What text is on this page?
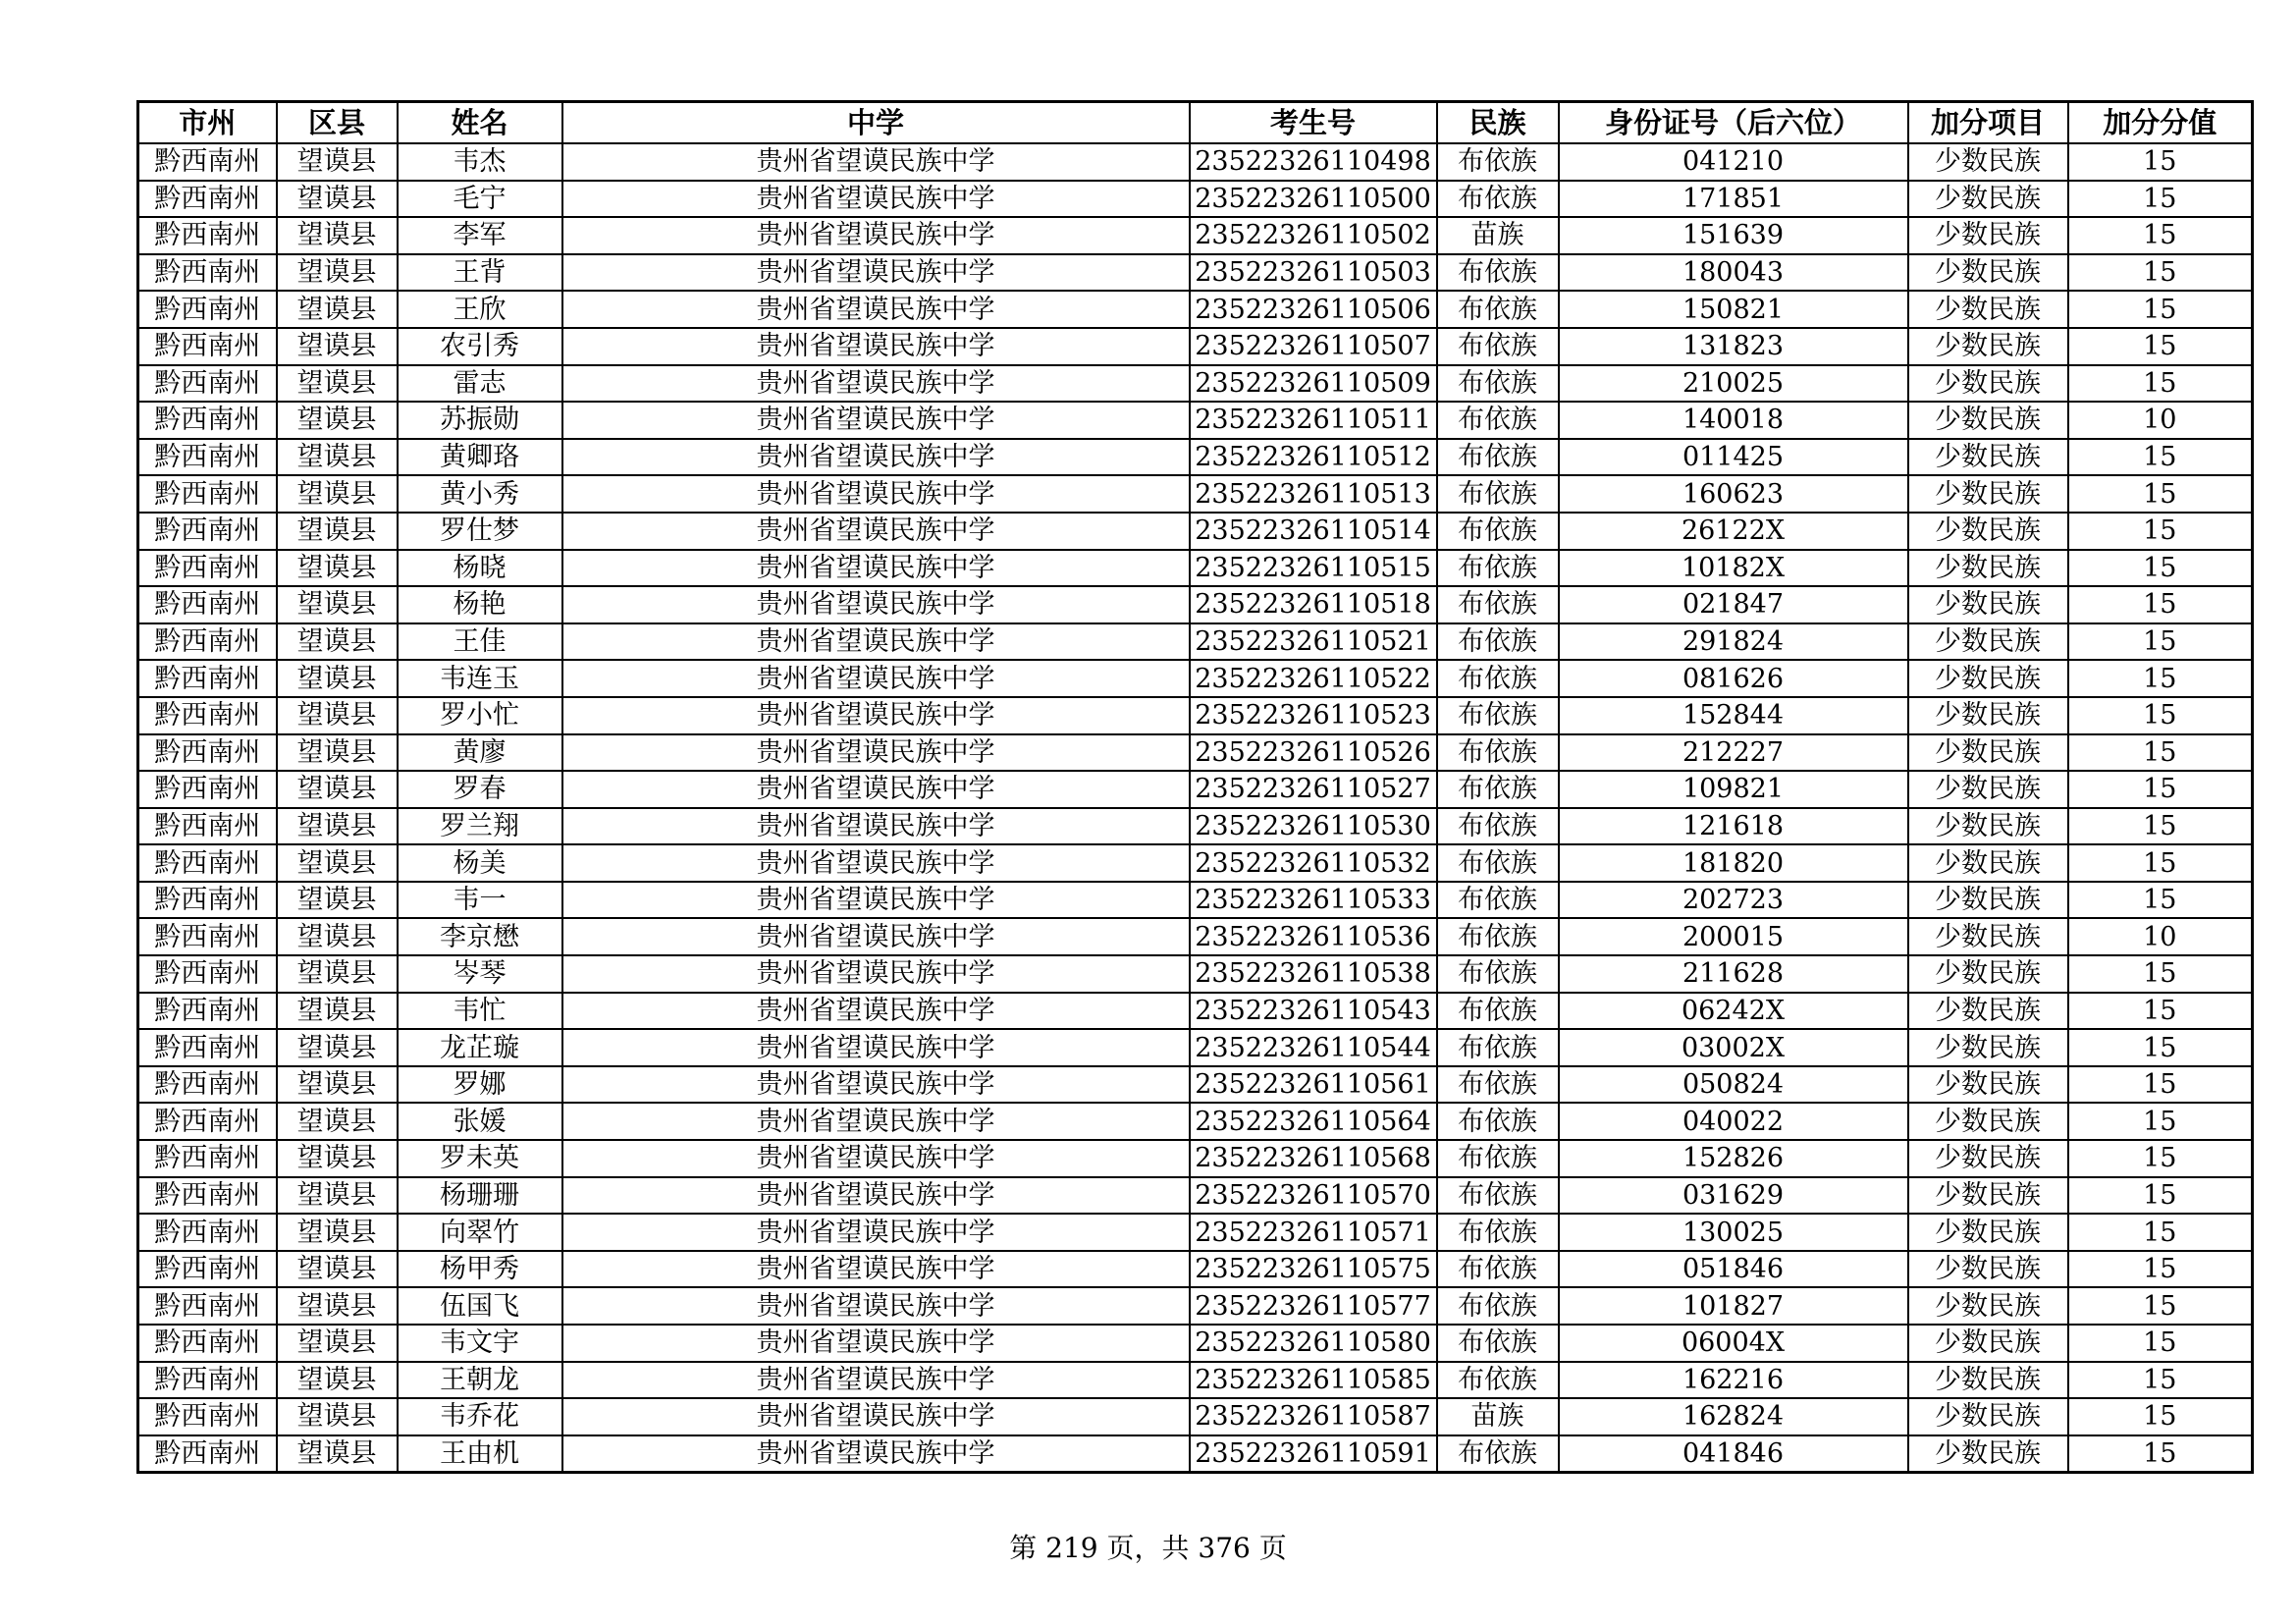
市州	区县	姓名	中学	考生号	民族	身份证号（后六位）	加分项目	加分分值
黔西南州	望谟县	韦杰	贵州省望谟民族中学	23522326110498	布依族	041210	少数民族	15
黔西南州	望谟县	毛宁	贵州省望谟民族中学	23522326110500	布依族	171851	少数民族	15
黔西南州	望谟县	李军	贵州省望谟民族中学	23522326110502	苗族	151639	少数民族	15
黔西南州	望谟县	王背	贵州省望谟民族中学	23522326110503	布依族	180043	少数民族	15
黔西南州	望谟县	王欣	贵州省望谟民族中学	23522326110506	布依族	150821	少数民族	15
黔西南州	望谟县	农引秀	贵州省望谟民族中学	23522326110507	布依族	131823	少数民族	15
黔西南州	望谟县	雷志	贵州省望谟民族中学	23522326110509	布依族	210025	少数民族	15
黔西南州	望谟县	苏振勋	贵州省望谟民族中学	23522326110511	布依族	140018	少数民族	10
黔西南州	望谟县	黄卿珞	贵州省望谟民族中学	23522326110512	布依族	011425	少数民族	15
黔西南州	望谟县	黄小秀	贵州省望谟民族中学	23522326110513	布依族	160623	少数民族	15
黔西南州	望谟县	罗仕梦	贵州省望谟民族中学	23522326110514	布依族	26122X	少数民族	15
黔西南州	望谟县	杨晓	贵州省望谟民族中学	23522326110515	布依族	10182X	少数民族	15
黔西南州	望谟县	杨艳	贵州省望谟民族中学	23522326110518	布依族	021847	少数民族	15
黔西南州	望谟县	王佳	贵州省望谟民族中学	23522326110521	布依族	291824	少数民族	15
黔西南州	望谟县	韦连玉	贵州省望谟民族中学	23522326110522	布依族	081626	少数民族	15
黔西南州	望谟县	罗小忙	贵州省望谟民族中学	23522326110523	布依族	152844	少数民族	15
黔西南州	望谟县	黄廖	贵州省望谟民族中学	23522326110526	布依族	212227	少数民族	15
黔西南州	望谟县	罗春	贵州省望谟民族中学	23522326110527	布依族	109821	少数民族	15
黔西南州	望谟县	罗兰翔	贵州省望谟民族中学	23522326110530	布依族	121618	少数民族	15
黔西南州	望谟县	杨美	贵州省望谟民族中学	23522326110532	布依族	181820	少数民族	15
黔西南州	望谟县	韦一	贵州省望谟民族中学	23522326110533	布依族	202723	少数民族	15
黔西南州	望谟县	李京懋	贵州省望谟民族中学	23522326110536	布依族	200015	少数民族	10
黔西南州	望谟县	岑琴	贵州省望谟民族中学	23522326110538	布依族	211628	少数民族	15
黔西南州	望谟县	韦忙	贵州省望谟民族中学	23522326110543	布依族	06242X	少数民族	15
黔西南州	望谟县	龙芷璇	贵州省望谟民族中学	23522326110544	布依族	03002X	少数民族	15
黔西南州	望谟县	罗娜	贵州省望谟民族中学	23522326110561	布依族	050824	少数民族	15
黔西南州	望谟县	张媛	贵州省望谟民族中学	23522326110564	布依族	040022	少数民族	15
黔西南州	望谟县	罗未英	贵州省望谟民族中学	23522326110568	布依族	152826	少数民族	15
黔西南州	望谟县	杨珊珊	贵州省望谟民族中学	23522326110570	布依族	031629	少数民族	15
黔西南州	望谟县	向翠竹	贵州省望谟民族中学	23522326110571	布依族	130025	少数民族	15
黔西南州	望谟县	杨甲秀	贵州省望谟民族中学	23522326110575	布依族	051846	少数民族	15
黔西南州	望谟县	伍国飞	贵州省望谟民族中学	23522326110577	布依族	101827	少数民族	15
黔西南州	望谟县	韦文宇	贵州省望谟民族中学	23522326110580	布依族	06004X	少数民族	15
黔西南州	望谟县	王朝龙	贵州省望谟民族中学	23522326110585	布依族	162216	少数民族	15
黔西南州	望谟县	韦乔花	贵州省望谟民族中学	23522326110587	苗族	162824	少数民族	15
黔西南州	望谟县	王由机	贵州省望谟民族中学	23522326110591	布依族	041846	少数民族	15
第 219 页，共 376 页
